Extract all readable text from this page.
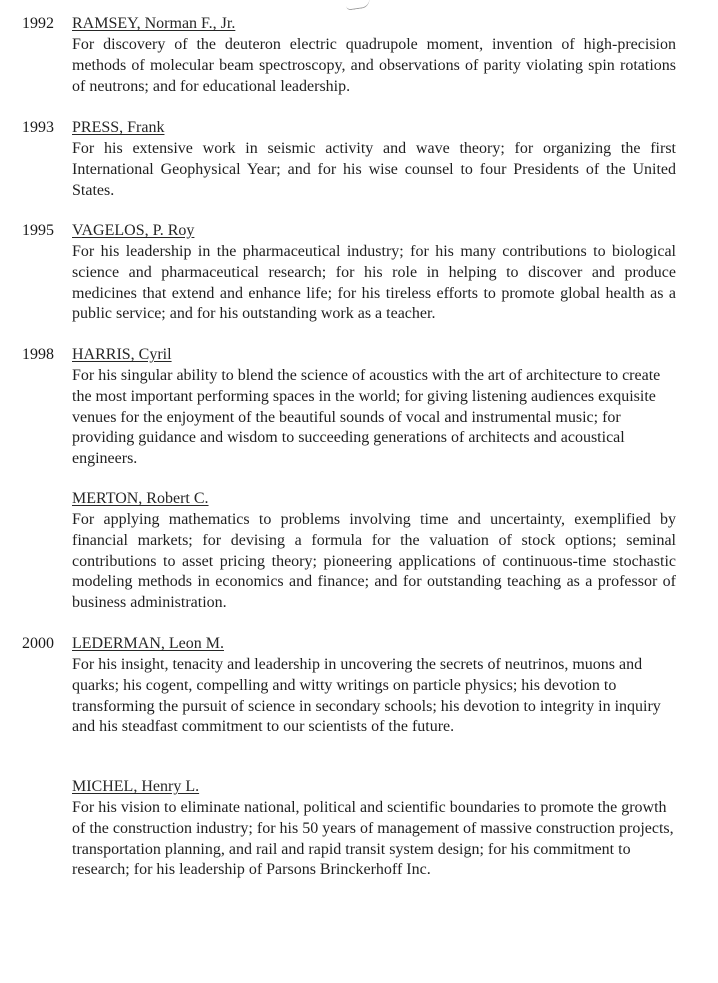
1992	RAMSEY, Norman F., Jr.
For discovery of the deuteron electric quadrupole moment, invention of high-precision methods of molecular beam spectroscopy, and observations of parity violating spin rotations of neutrons; and for educational leadership.
1993	PRESS, Frank
For his extensive work in seismic activity and wave theory; for organizing the first International Geophysical Year; and for his wise counsel to four Presidents of the United States.
1995	VAGELOS, P. Roy
For his leadership in the pharmaceutical industry; for his many contributions to biological science and pharmaceutical research; for his role in helping to discover and produce medicines that extend and enhance life; for his tireless efforts to promote global health as a public service; and for his outstanding work as a teacher.
1998	HARRIS, Cyril
For his singular ability to blend the science of acoustics with the art of architecture to create the most important performing spaces in the world; for giving listening audiences exquisite venues for the enjoyment of the beautiful sounds of vocal and instrumental music; for providing guidance and wisdom to succeeding generations of architects and acoustical engineers.
MERTON, Robert C.
For applying mathematics to problems involving time and uncertainty, exemplified by financial markets; for devising a formula for the valuation of stock options; seminal contributions to asset pricing theory; pioneering applications of continuous-time stochastic modeling methods in economics and finance; and for outstanding teaching as a professor of business administration.
2000	LEDERMAN, Leon M.
For his insight, tenacity and leadership in uncovering the secrets of neutrinos, muons and quarks; his cogent, compelling and witty writings on particle physics; his devotion to transforming the pursuit of science in secondary schools; his devotion to integrity in inquiry and his steadfast commitment to our scientists of the future.
MICHEL, Henry L.
For his vision to eliminate national, political and scientific boundaries to promote the growth of the construction industry; for his 50 years of management of massive construction projects, transportation planning, and rail and rapid transit system design; for his commitment to research; for his leadership of Parsons Brinckerhoff Inc.
